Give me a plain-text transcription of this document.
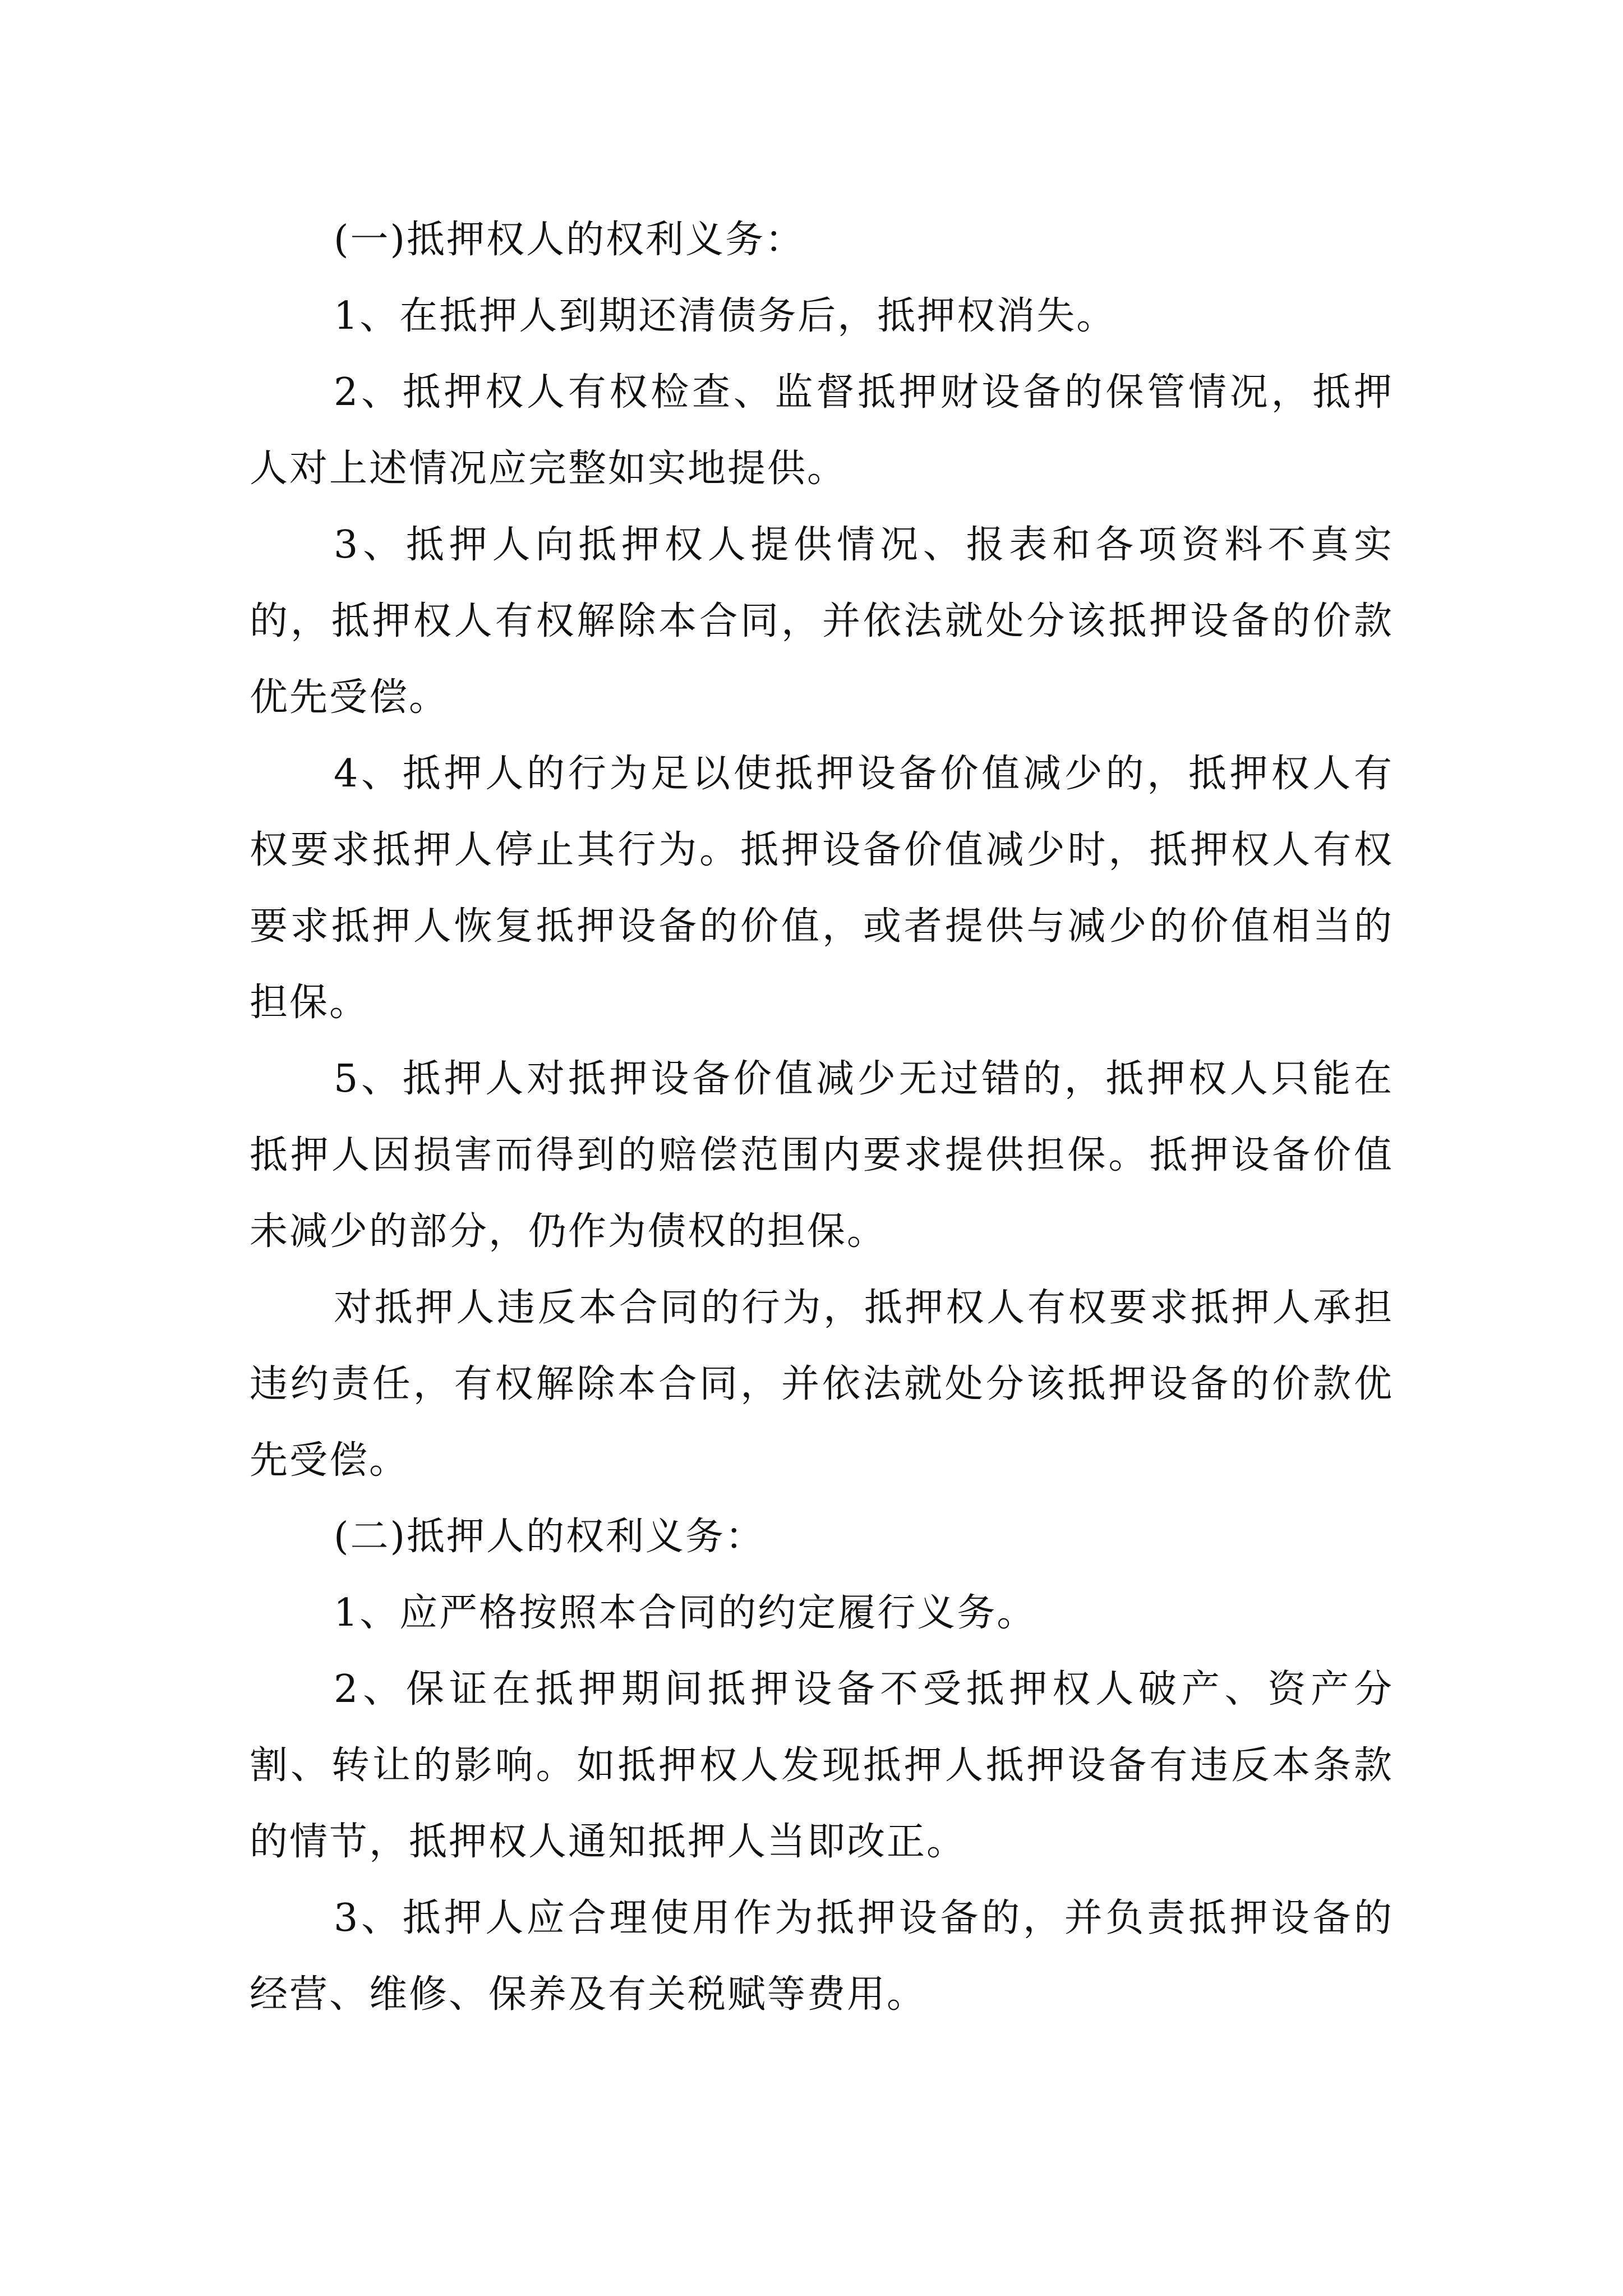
(一)抵押权人的权利义务：

1、在抵押人到期还清债务后，抵押权消失。

2、抵押权人有权检查、监督抵押财设备的保管情况，抵押人对上述情况应完整如实地提供。

3、抵押人向抵押权人提供情况、报表和各项资料不真实的，抵押权人有权解除本合同，并依法就处分该抵押设备的价款优先受偿。

4、抵押人的行为足以使抵押设备价值减少的，抵押权人有权要求抵押人停止其行为。抵押设备价值减少时，抵押权人有权要求抵押人恢复抵押设备的价值，或者提供与减少的价值相当的担保。

5、抵押人对抵押设备价值减少无过错的，抵押权人只能在抵押人因损害而得到的赔偿范围内要求提供担保。抵押设备价值未减少的部分，仍作为债权的担保。

对抵押人违反本合同的行为，抵押权人有权要求抵押人承担违约责任，有权解除本合同，并依法就处分该抵押设备的价款优先受偿。

(二)抵押人的权利义务：

1、应严格按照本合同的约定履行义务。

2、保证在抵押期间抵押设备不受抵押权人破产、资产分割、转让的影响。如抵押权人发现抵押人抵押设备有违反本条款的情节，抵押权人通知抵押人当即改正。

3、抵押人应合理使用作为抵押设备的，并负责抵押设备的经营、维修、保养及有关税赋等费用。
